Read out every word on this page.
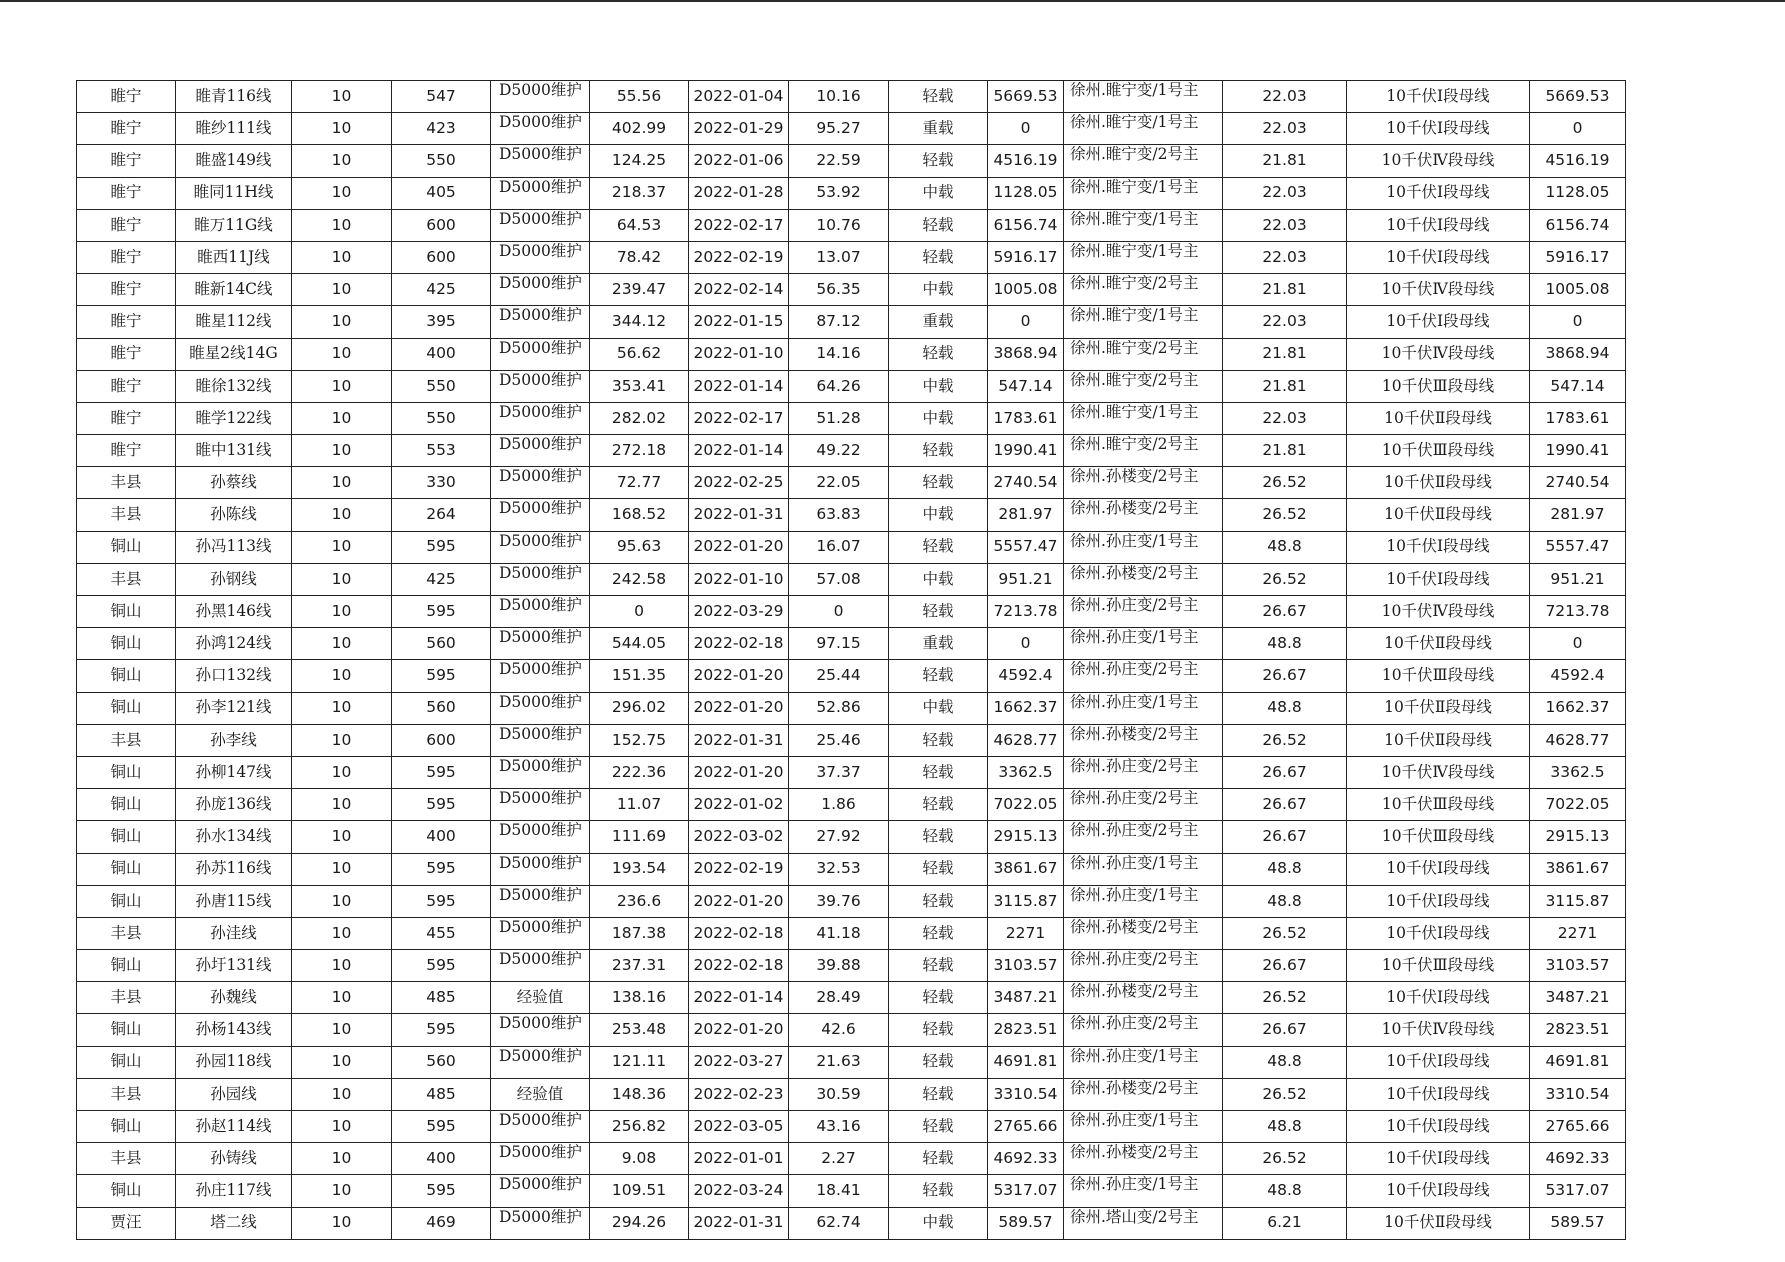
睢宁	睢青116线	10	547	D5000维护	55.56	2022-01-04	10.16	轻载	5669.53	徐州.睢宁变/1号主	22.03	10千伏Ⅰ段母线	5669.53
睢宁	睢纱111线	10	423	D5000维护	402.99	2022-01-29	95.27	重载	0	徐州.睢宁变/1号主	22.03	10千伏Ⅰ段母线	0
睢宁	睢盛149线	10	550	D5000维护	124.25	2022-01-06	22.59	轻载	4516.19	徐州.睢宁变/2号主	21.81	10千伏Ⅳ段母线	4516.19
睢宁	睢同11H线	10	405	D5000维护	218.37	2022-01-28	53.92	中载	1128.05	徐州.睢宁变/1号主	22.03	10千伏Ⅰ段母线	1128.05
睢宁	睢万11G线	10	600	D5000维护	64.53	2022-02-17	10.76	轻载	6156.74	徐州.睢宁变/1号主	22.03	10千伏Ⅰ段母线	6156.74
睢宁	睢西11J线	10	600	D5000维护	78.42	2022-02-19	13.07	轻载	5916.17	徐州.睢宁变/1号主	22.03	10千伏Ⅰ段母线	5916.17
睢宁	睢新14C线	10	425	D5000维护	239.47	2022-02-14	56.35	中载	1005.08	徐州.睢宁变/2号主	21.81	10千伏Ⅳ段母线	1005.08
睢宁	睢星112线	10	395	D5000维护	344.12	2022-01-15	87.12	重载	0	徐州.睢宁变/1号主	22.03	10千伏Ⅰ段母线	0
睢宁	睢星2线14G	10	400	D5000维护	56.62	2022-01-10	14.16	轻载	3868.94	徐州.睢宁变/2号主	21.81	10千伏Ⅳ段母线	3868.94
睢宁	睢徐132线	10	550	D5000维护	353.41	2022-01-14	64.26	中载	547.14	徐州.睢宁变/2号主	21.81	10千伏Ⅲ段母线	547.14
睢宁	睢学122线	10	550	D5000维护	282.02	2022-02-17	51.28	中载	1783.61	徐州.睢宁变/1号主	22.03	10千伏Ⅱ段母线	1783.61
睢宁	睢中131线	10	553	D5000维护	272.18	2022-01-14	49.22	轻载	1990.41	徐州.睢宁变/2号主	21.81	10千伏Ⅲ段母线	1990.41
丰县	孙蔡线	10	330	D5000维护	72.77	2022-02-25	22.05	轻载	2740.54	徐州.孙楼变/2号主	26.52	10千伏Ⅱ段母线	2740.54
丰县	孙陈线	10	264	D5000维护	168.52	2022-01-31	63.83	中载	281.97	徐州.孙楼变/2号主	26.52	10千伏Ⅱ段母线	281.97
铜山	孙冯113线	10	595	D5000维护	95.63	2022-01-20	16.07	轻载	5557.47	徐州.孙庄变/1号主	48.8	10千伏Ⅰ段母线	5557.47
丰县	孙钢线	10	425	D5000维护	242.58	2022-01-10	57.08	中载	951.21	徐州.孙楼变/2号主	26.52	10千伏Ⅰ段母线	951.21
铜山	孙黑146线	10	595	D5000维护	0	2022-03-29	0	轻载	7213.78	徐州.孙庄变/2号主	26.67	10千伏Ⅳ段母线	7213.78
铜山	孙鸿124线	10	560	D5000维护	544.05	2022-02-18	97.15	重载	0	徐州.孙庄变/1号主	48.8	10千伏Ⅱ段母线	0
铜山	孙口132线	10	595	D5000维护	151.35	2022-01-20	25.44	轻载	4592.4	徐州.孙庄变/2号主	26.67	10千伏Ⅲ段母线	4592.4
铜山	孙李121线	10	560	D5000维护	296.02	2022-01-20	52.86	中载	1662.37	徐州.孙庄变/1号主	48.8	10千伏Ⅱ段母线	1662.37
丰县	孙李线	10	600	D5000维护	152.75	2022-01-31	25.46	轻载	4628.77	徐州.孙楼变/2号主	26.52	10千伏Ⅱ段母线	4628.77
铜山	孙柳147线	10	595	D5000维护	222.36	2022-01-20	37.37	轻载	3362.5	徐州.孙庄变/2号主	26.67	10千伏Ⅳ段母线	3362.5
铜山	孙庞136线	10	595	D5000维护	11.07	2022-01-02	1.86	轻载	7022.05	徐州.孙庄变/2号主	26.67	10千伏Ⅲ段母线	7022.05
铜山	孙水134线	10	400	D5000维护	111.69	2022-03-02	27.92	轻载	2915.13	徐州.孙庄变/2号主	26.67	10千伏Ⅲ段母线	2915.13
铜山	孙苏116线	10	595	D5000维护	193.54	2022-02-19	32.53	轻载	3861.67	徐州.孙庄变/1号主	48.8	10千伏Ⅰ段母线	3861.67
铜山	孙唐115线	10	595	D5000维护	236.6	2022-01-20	39.76	轻载	3115.87	徐州.孙庄变/1号主	48.8	10千伏Ⅰ段母线	3115.87
丰县	孙洼线	10	455	D5000维护	187.38	2022-02-18	41.18	轻载	2271	徐州.孙楼变/2号主	26.52	10千伏Ⅰ段母线	2271
铜山	孙圩131线	10	595	D5000维护	237.31	2022-02-18	39.88	轻载	3103.57	徐州.孙庄变/2号主	26.67	10千伏Ⅲ段母线	3103.57
丰县	孙魏线	10	485	经验值	138.16	2022-01-14	28.49	轻载	3487.21	徐州.孙楼变/2号主	26.52	10千伏Ⅰ段母线	3487.21
铜山	孙杨143线	10	595	D5000维护	253.48	2022-01-20	42.6	轻载	2823.51	徐州.孙庄变/2号主	26.67	10千伏Ⅳ段母线	2823.51
铜山	孙园118线	10	560	D5000维护	121.11	2022-03-27	21.63	轻载	4691.81	徐州.孙庄变/1号主	48.8	10千伏Ⅰ段母线	4691.81
丰县	孙园线	10	485	经验值	148.36	2022-02-23	30.59	轻载	3310.54	徐州.孙楼变/2号主	26.52	10千伏Ⅰ段母线	3310.54
铜山	孙赵114线	10	595	D5000维护	256.82	2022-03-05	43.16	轻载	2765.66	徐州.孙庄变/1号主	48.8	10千伏Ⅰ段母线	2765.66
丰县	孙铸线	10	400	D5000维护	9.08	2022-01-01	2.27	轻载	4692.33	徐州.孙楼变/2号主	26.52	10千伏Ⅰ段母线	4692.33
铜山	孙庄117线	10	595	D5000维护	109.51	2022-03-24	18.41	轻载	5317.07	徐州.孙庄变/1号主	48.8	10千伏Ⅰ段母线	5317.07
贾汪	塔二线	10	469	D5000维护	294.26	2022-01-31	62.74	中载	589.57	徐州.塔山变/2号主	6.21	10千伏Ⅱ段母线	589.57
